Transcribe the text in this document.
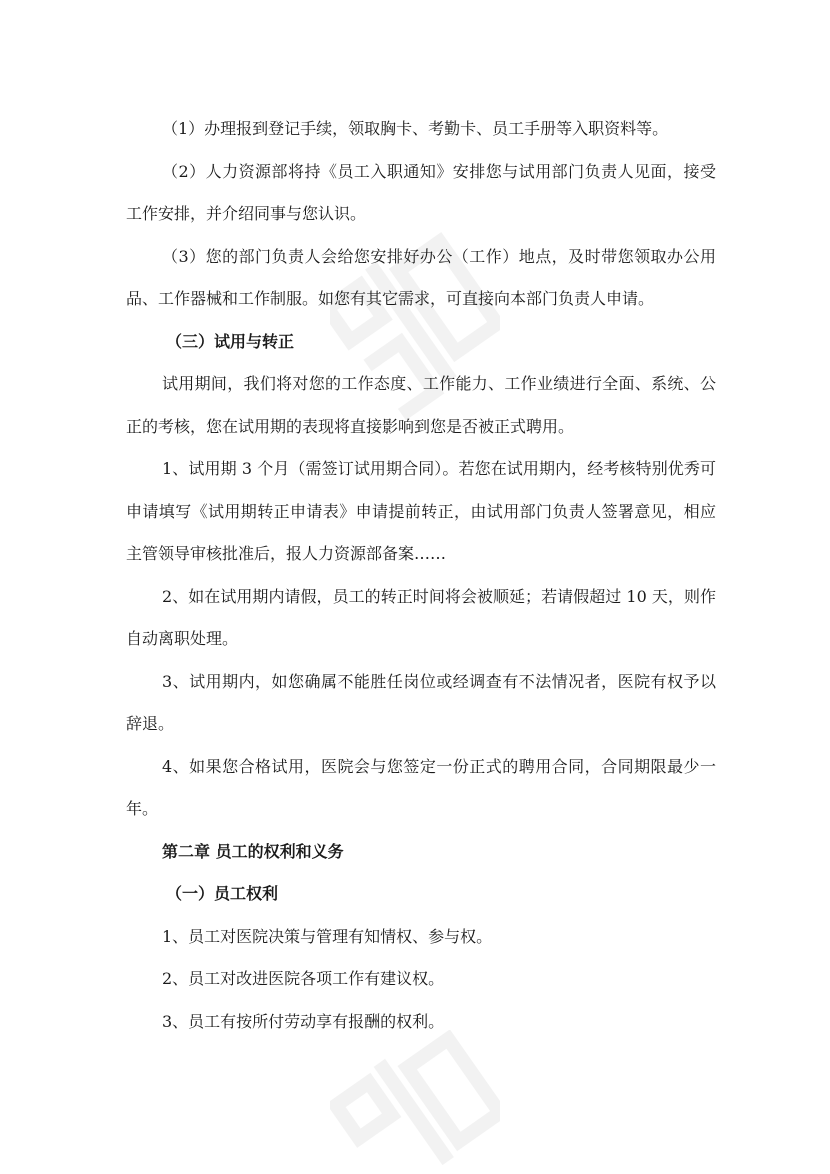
（1）办理报到登记手续，领取胸卡、考勤卡、员工手册等入职资料等。

（2）人力资源部将持《员工入职通知》安排您与试用部门负责人见面，接受工作安排，并介绍同事与您认识。

（3）您的部门负责人会给您安排好办公（工作）地点，及时带您领取办公用品、工作器械和工作制服。如您有其它需求，可直接向本部门负责人申请。

（三）试用与转正

试用期间，我们将对您的工作态度、工作能力、工作业绩进行全面、系统、公正的考核，您在试用期的表现将直接影响到您是否被正式聘用。

1、试用期 3 个月（需签订试用期合同）。若您在试用期内，经考核特别优秀可申请填写《试用期转正申请表》申请提前转正，由试用部门负责人签署意见，相应主管领导审核批准后，报人力资源部备案……

2、如在试用期内请假，员工的转正时间将会被顺延；若请假超过 10 天，则作自动离职处理。

3、试用期内，如您确属不能胜任岗位或经调查有不法情况者，医院有权予以辞退。

4、如果您合格试用，医院会与您签定一份正式的聘用合同，合同期限最少一年。

第二章 员工的权利和义务

（一）员工权利

1、员工对医院决策与管理有知情权、参与权。

2、员工对改进医院各项工作有建议权。

3、员工有按所付劳动享有报酬的权利。
